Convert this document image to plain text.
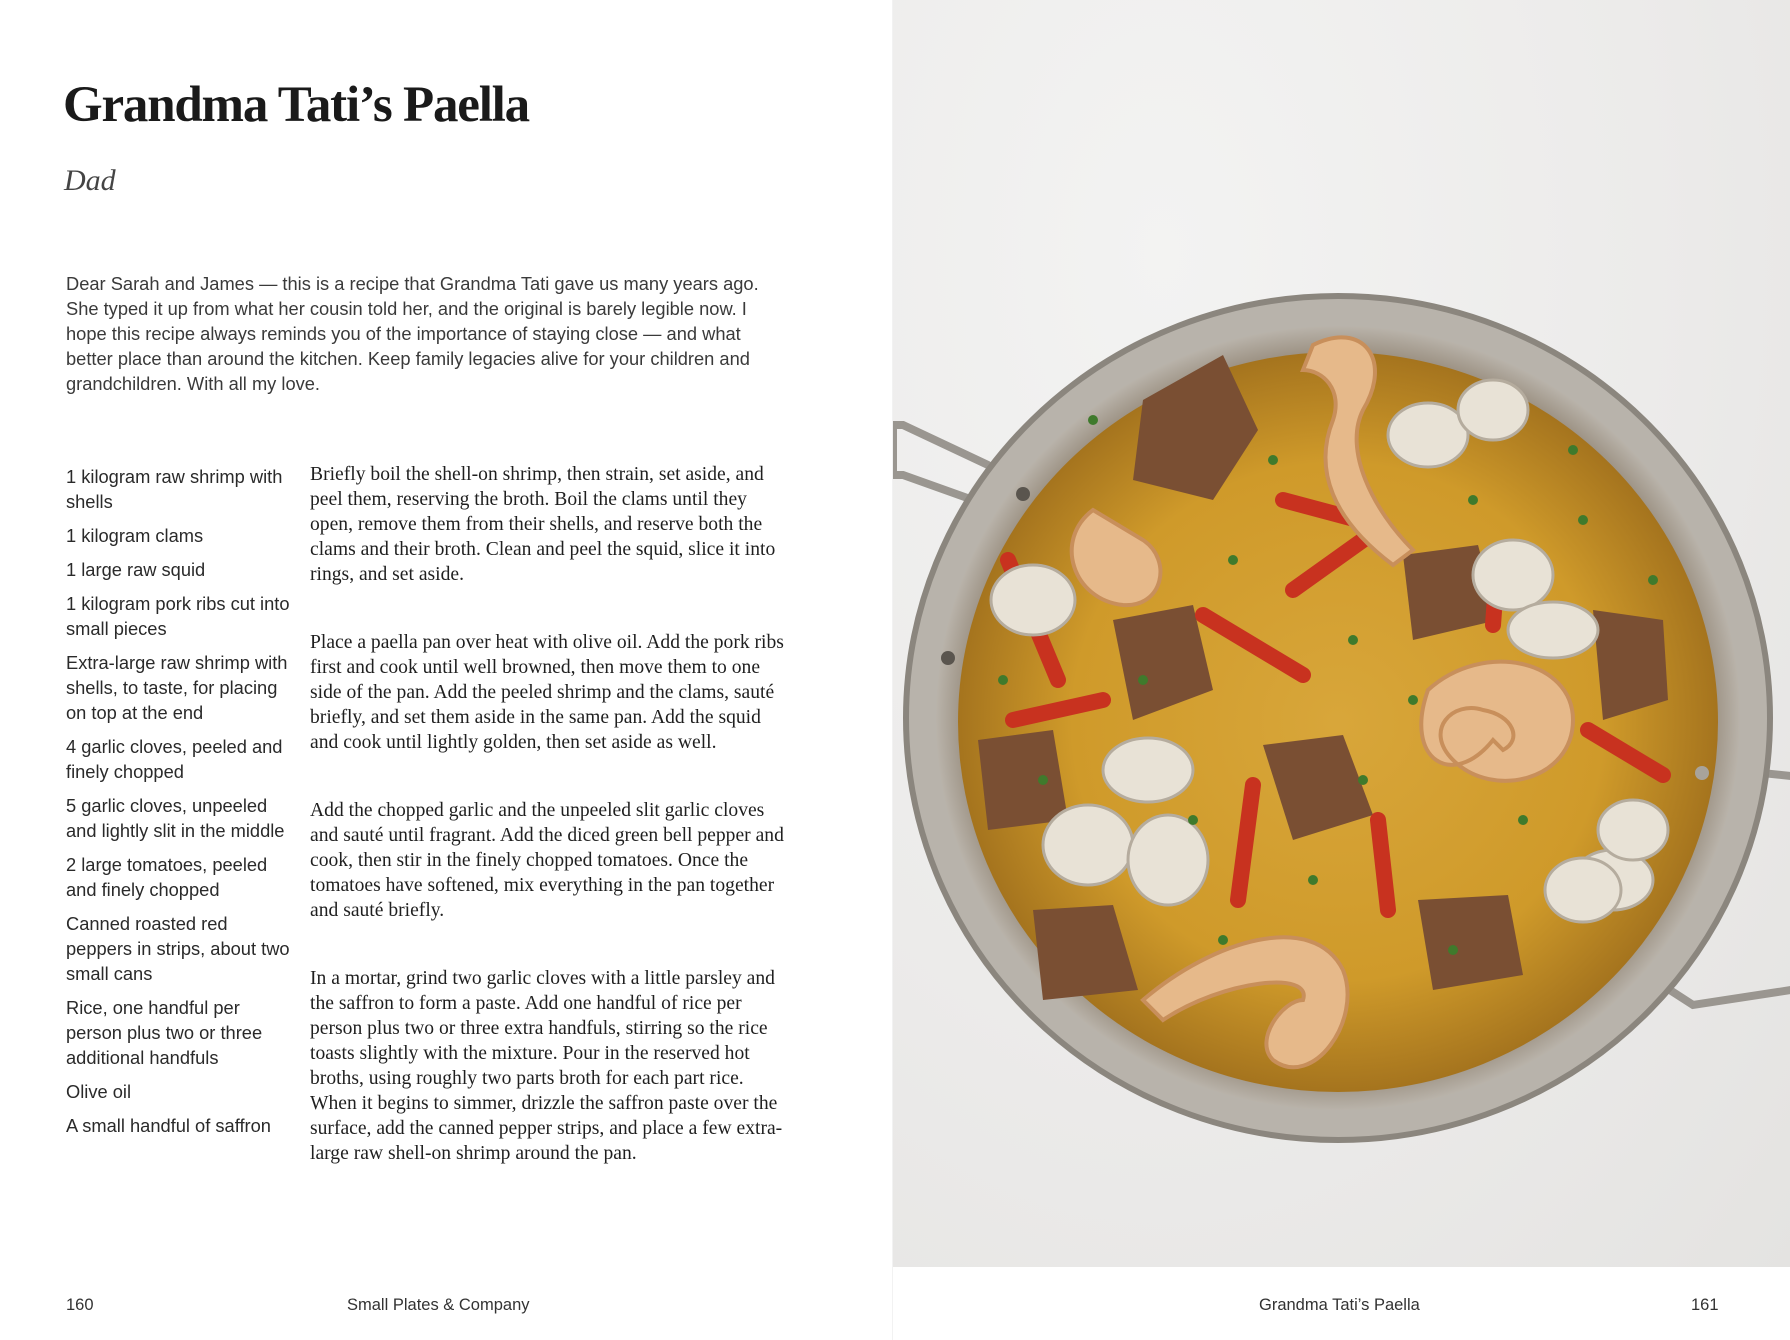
Grandma Tati’s Paella
Dad

Dear Sarah and James — this is a recipe that Grandma Tati gave us many years ago. She typed it up from what her cousin told her, and the original is barely legible now. I hope this recipe always reminds you of the importance of staying close — and what better place than around the kitchen. Keep family legacies alive for your children and grandchildren. With all my love.

1 kilogram raw shrimp with shells
1 kilogram clams
1 large raw squid
1 kilogram pork ribs cut into small pieces
Extra-large raw shrimp with shells, to taste, for placing on top at the end
4 garlic cloves, peeled and finely chopped
5 garlic cloves, unpeeled and lightly slit in the middle
2 large tomatoes, peeled and finely chopped
Canned roasted red peppers in strips, about two small cans
Rice, one handful per person plus two or three additional handfuls
Olive oil
A small handful of saffron

Briefly boil the shell-on shrimp, then strain, set aside, and peel them, reserving the broth. Boil the clams until they open, remove them from their shells, and reserve both the clams and their broth. Clean and peel the squid, slice it into rings, and set aside.

Place a paella pan over heat with olive oil. Add the pork ribs first and cook until well browned, then move them to one side of the pan. Add the peeled shrimp and the clams, sauté briefly, and set them aside in the same pan. Add the squid and cook until lightly golden, then set aside as well.

Add the chopped garlic and the unpeeled slit garlic cloves and sauté until fragrant. Add the diced green bell pepper and cook, then stir in the finely chopped tomatoes. Once the tomatoes have softened, mix everything in the pan together and sauté briefly.

In a mortar, grind two garlic cloves with a little parsley and the saffron to form a paste. Add one handful of rice per person plus two or three extra handfuls, stirring so the rice toasts slightly with the mixture. Pour in the reserved hot broths, using roughly two parts broth for each part rice. When it begins to simmer, drizzle the saffron paste over the surface, add the canned pepper strips, and place a few extra-large raw shell-on shrimp around the pan.

160	Small Plates & Company	Grandma Tati’s Paella	161
